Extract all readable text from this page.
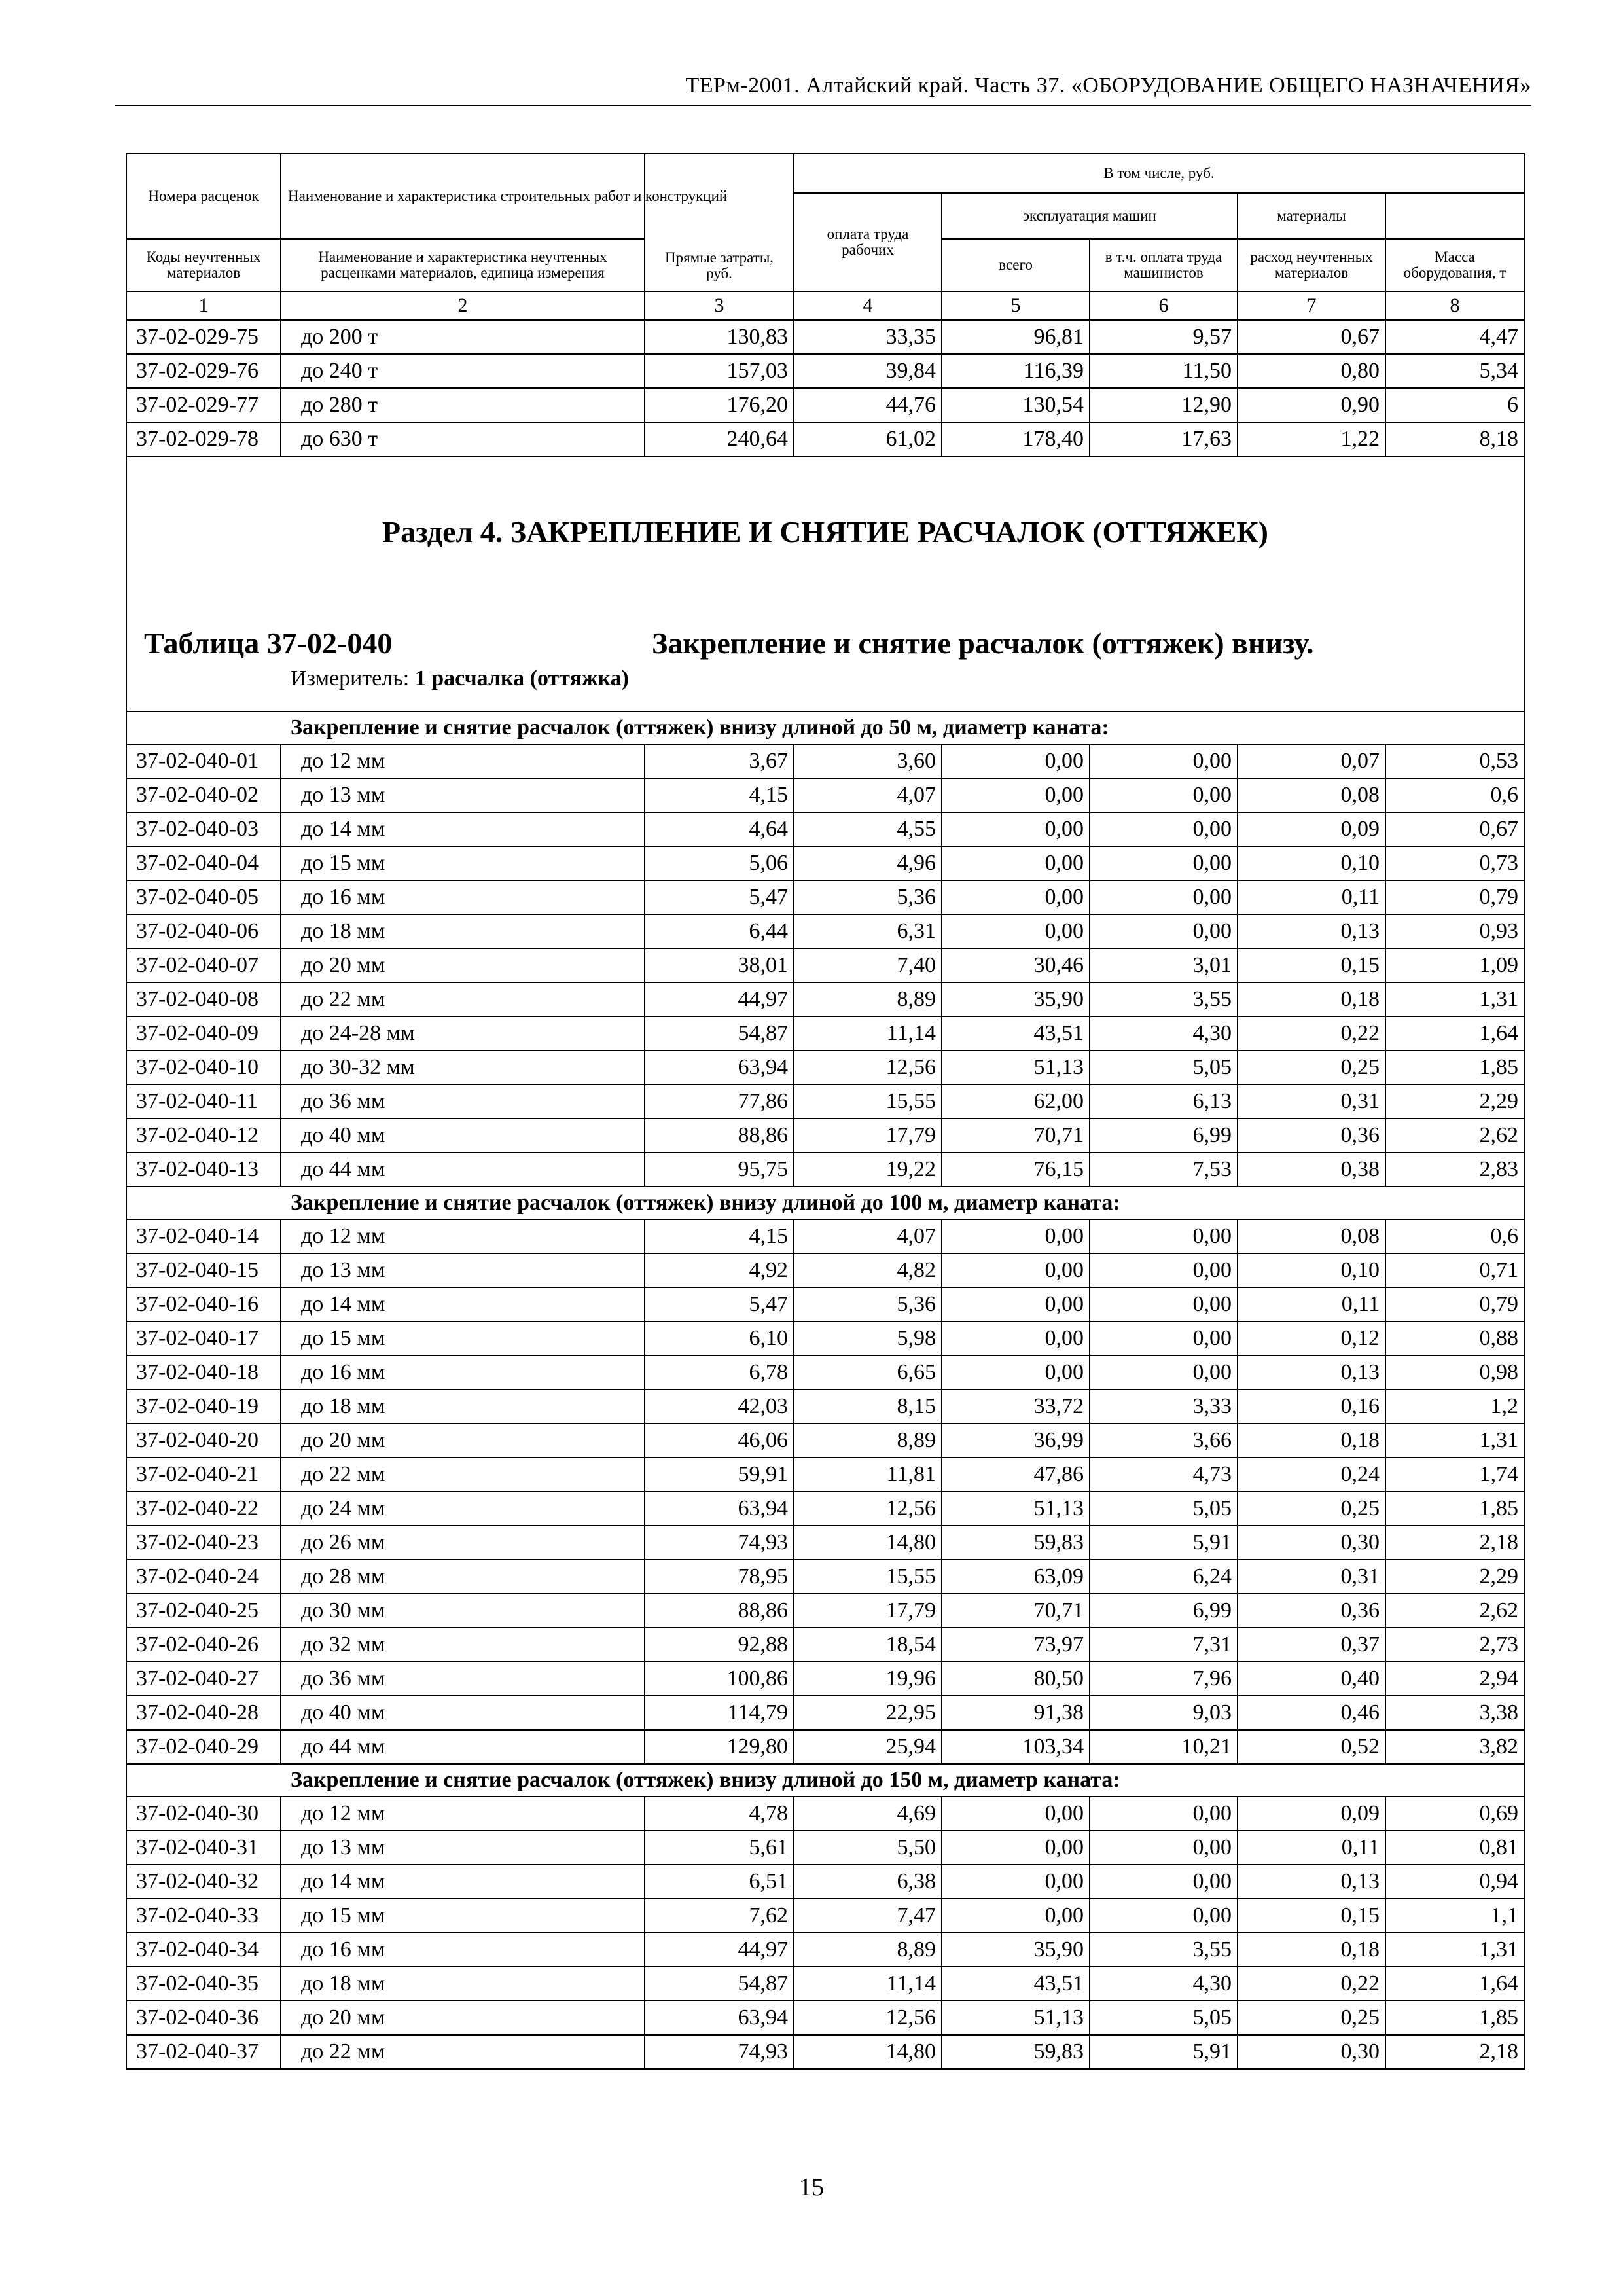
ТЕРм-2001. Алтайский край. Часть 37. «ОБОРУДОВАНИЕ ОБЩЕГО НАЗНАЧЕНИЯ»
Номера расценок	Наименование и характеристика строительных работ и конструкций	Прямые затраты, руб.	В том числе, руб.	
			оплата труда рабочих	эксплуатация машин		материалы		
Коды неучтенных материалов	Наименование и характеристика неучтенных расценками материалов, единица измерения			всего	в т.ч. оплата труда машинистов	расход неучтенных материалов	Масса оборудования, т	
1	2	3	4	5	6	7	8	
37-02-029-75	до 200 т	130,83	33,35	96,81	9,57	0,67	4,47	
37-02-029-76	до 240 т	157,03	39,84	116,39	11,50	0,80	5,34	
37-02-029-77	до 280 т	176,20	44,76	130,54	12,90	0,90	6	
37-02-029-78	до 630 т	240,64	61,02	178,40	17,63	1,22	8,18	

Раздел 4. ЗАКРЕПЛЕНИЕ И СНЯТИЕ РАСЧАЛОК (ОТТЯЖЕК)
Таблица 37-02-040 Закрепление и снятие расчалок (оттяжек) внизу.
Измеритель: 1 расчалка (оттяжка)								

Закрепление и снятие расчалок (оттяжек) внизу длиной до 50 м, диаметр каната:								
37-02-040-01	до 12 мм	3,67	3,60	0,00	0,00	0,07	0,53	
37-02-040-02	до 13 мм	4,15	4,07	0,00	0,00	0,08	0,6	
37-02-040-03	до 14 мм	4,64	4,55	0,00	0,00	0,09	0,67	
37-02-040-04	до 15 мм	5,06	4,96	0,00	0,00	0,10	0,73	
37-02-040-05	до 16 мм	5,47	5,36	0,00	0,00	0,11	0,79	
37-02-040-06	до 18 мм	6,44	6,31	0,00	0,00	0,13	0,93	
37-02-040-07	до 20 мм	38,01	7,40	30,46	3,01	0,15	1,09	
37-02-040-08	до 22 мм	44,97	8,89	35,90	3,55	0,18	1,31	
37-02-040-09	до 24-28 мм	54,87	11,14	43,51	4,30	0,22	1,64	
37-02-040-10	до 30-32 мм	63,94	12,56	51,13	5,05	0,25	1,85	
37-02-040-11	до 36 мм	77,86	15,55	62,00	6,13	0,31	2,29	
37-02-040-12	до 40 мм	88,86	17,79	70,71	6,99	0,36	2,62	
37-02-040-13	до 44 мм	95,75	19,22	76,15	7,53	0,38	2,83	
Закрепление и снятие расчалок (оттяжек) внизу длиной до 100 м, диаметр каната:								
37-02-040-14	до 12 мм	4,15	4,07	0,00	0,00	0,08	0,6	
37-02-040-15	до 13 мм	4,92	4,82	0,00	0,00	0,10	0,71	
37-02-040-16	до 14 мм	5,47	5,36	0,00	0,00	0,11	0,79	
37-02-040-17	до 15 мм	6,10	5,98	0,00	0,00	0,12	0,88	
37-02-040-18	до 16 мм	6,78	6,65	0,00	0,00	0,13	0,98	
37-02-040-19	до 18 мм	42,03	8,15	33,72	3,33	0,16	1,2	
37-02-040-20	до 20 мм	46,06	8,89	36,99	3,66	0,18	1,31	
37-02-040-21	до 22 мм	59,91	11,81	47,86	4,73	0,24	1,74	
37-02-040-22	до 24 мм	63,94	12,56	51,13	5,05	0,25	1,85	
37-02-040-23	до 26 мм	74,93	14,80	59,83	5,91	0,30	2,18	
37-02-040-24	до 28 мм	78,95	15,55	63,09	6,24	0,31	2,29	
37-02-040-25	до 30 мм	88,86	17,79	70,71	6,99	0,36	2,62	
37-02-040-26	до 32 мм	92,88	18,54	73,97	7,31	0,37	2,73	
37-02-040-27	до 36 мм	100,86	19,96	80,50	7,96	0,40	2,94	
37-02-040-28	до 40 мм	114,79	22,95	91,38	9,03	0,46	3,38	
37-02-040-29	до 44 мм	129,80	25,94	103,34	10,21	0,52	3,82	
Закрепление и снятие расчалок (оттяжек) внизу длиной до 150 м, диаметр каната:								
37-02-040-30	до 12 мм	4,78	4,69	0,00	0,00	0,09	0,69	
37-02-040-31	до 13 мм	5,61	5,50	0,00	0,00	0,11	0,81	
37-02-040-32	до 14 мм	6,51	6,38	0,00	0,00	0,13	0,94	
37-02-040-33	до 15 мм	7,62	7,47	0,00	0,00	0,15	1,1	
37-02-040-34	до 16 мм	44,97	8,89	35,90	3,55	0,18	1,31	
37-02-040-35	до 18 мм	54,87	11,14	43,51	4,30	0,22	1,64	
37-02-040-36	до 20 мм	63,94	12,56	51,13	5,05	0,25	1,85	
37-02-040-37	до 22 мм	74,93	14,80	59,83	5,91	0,30	2,18	
15
